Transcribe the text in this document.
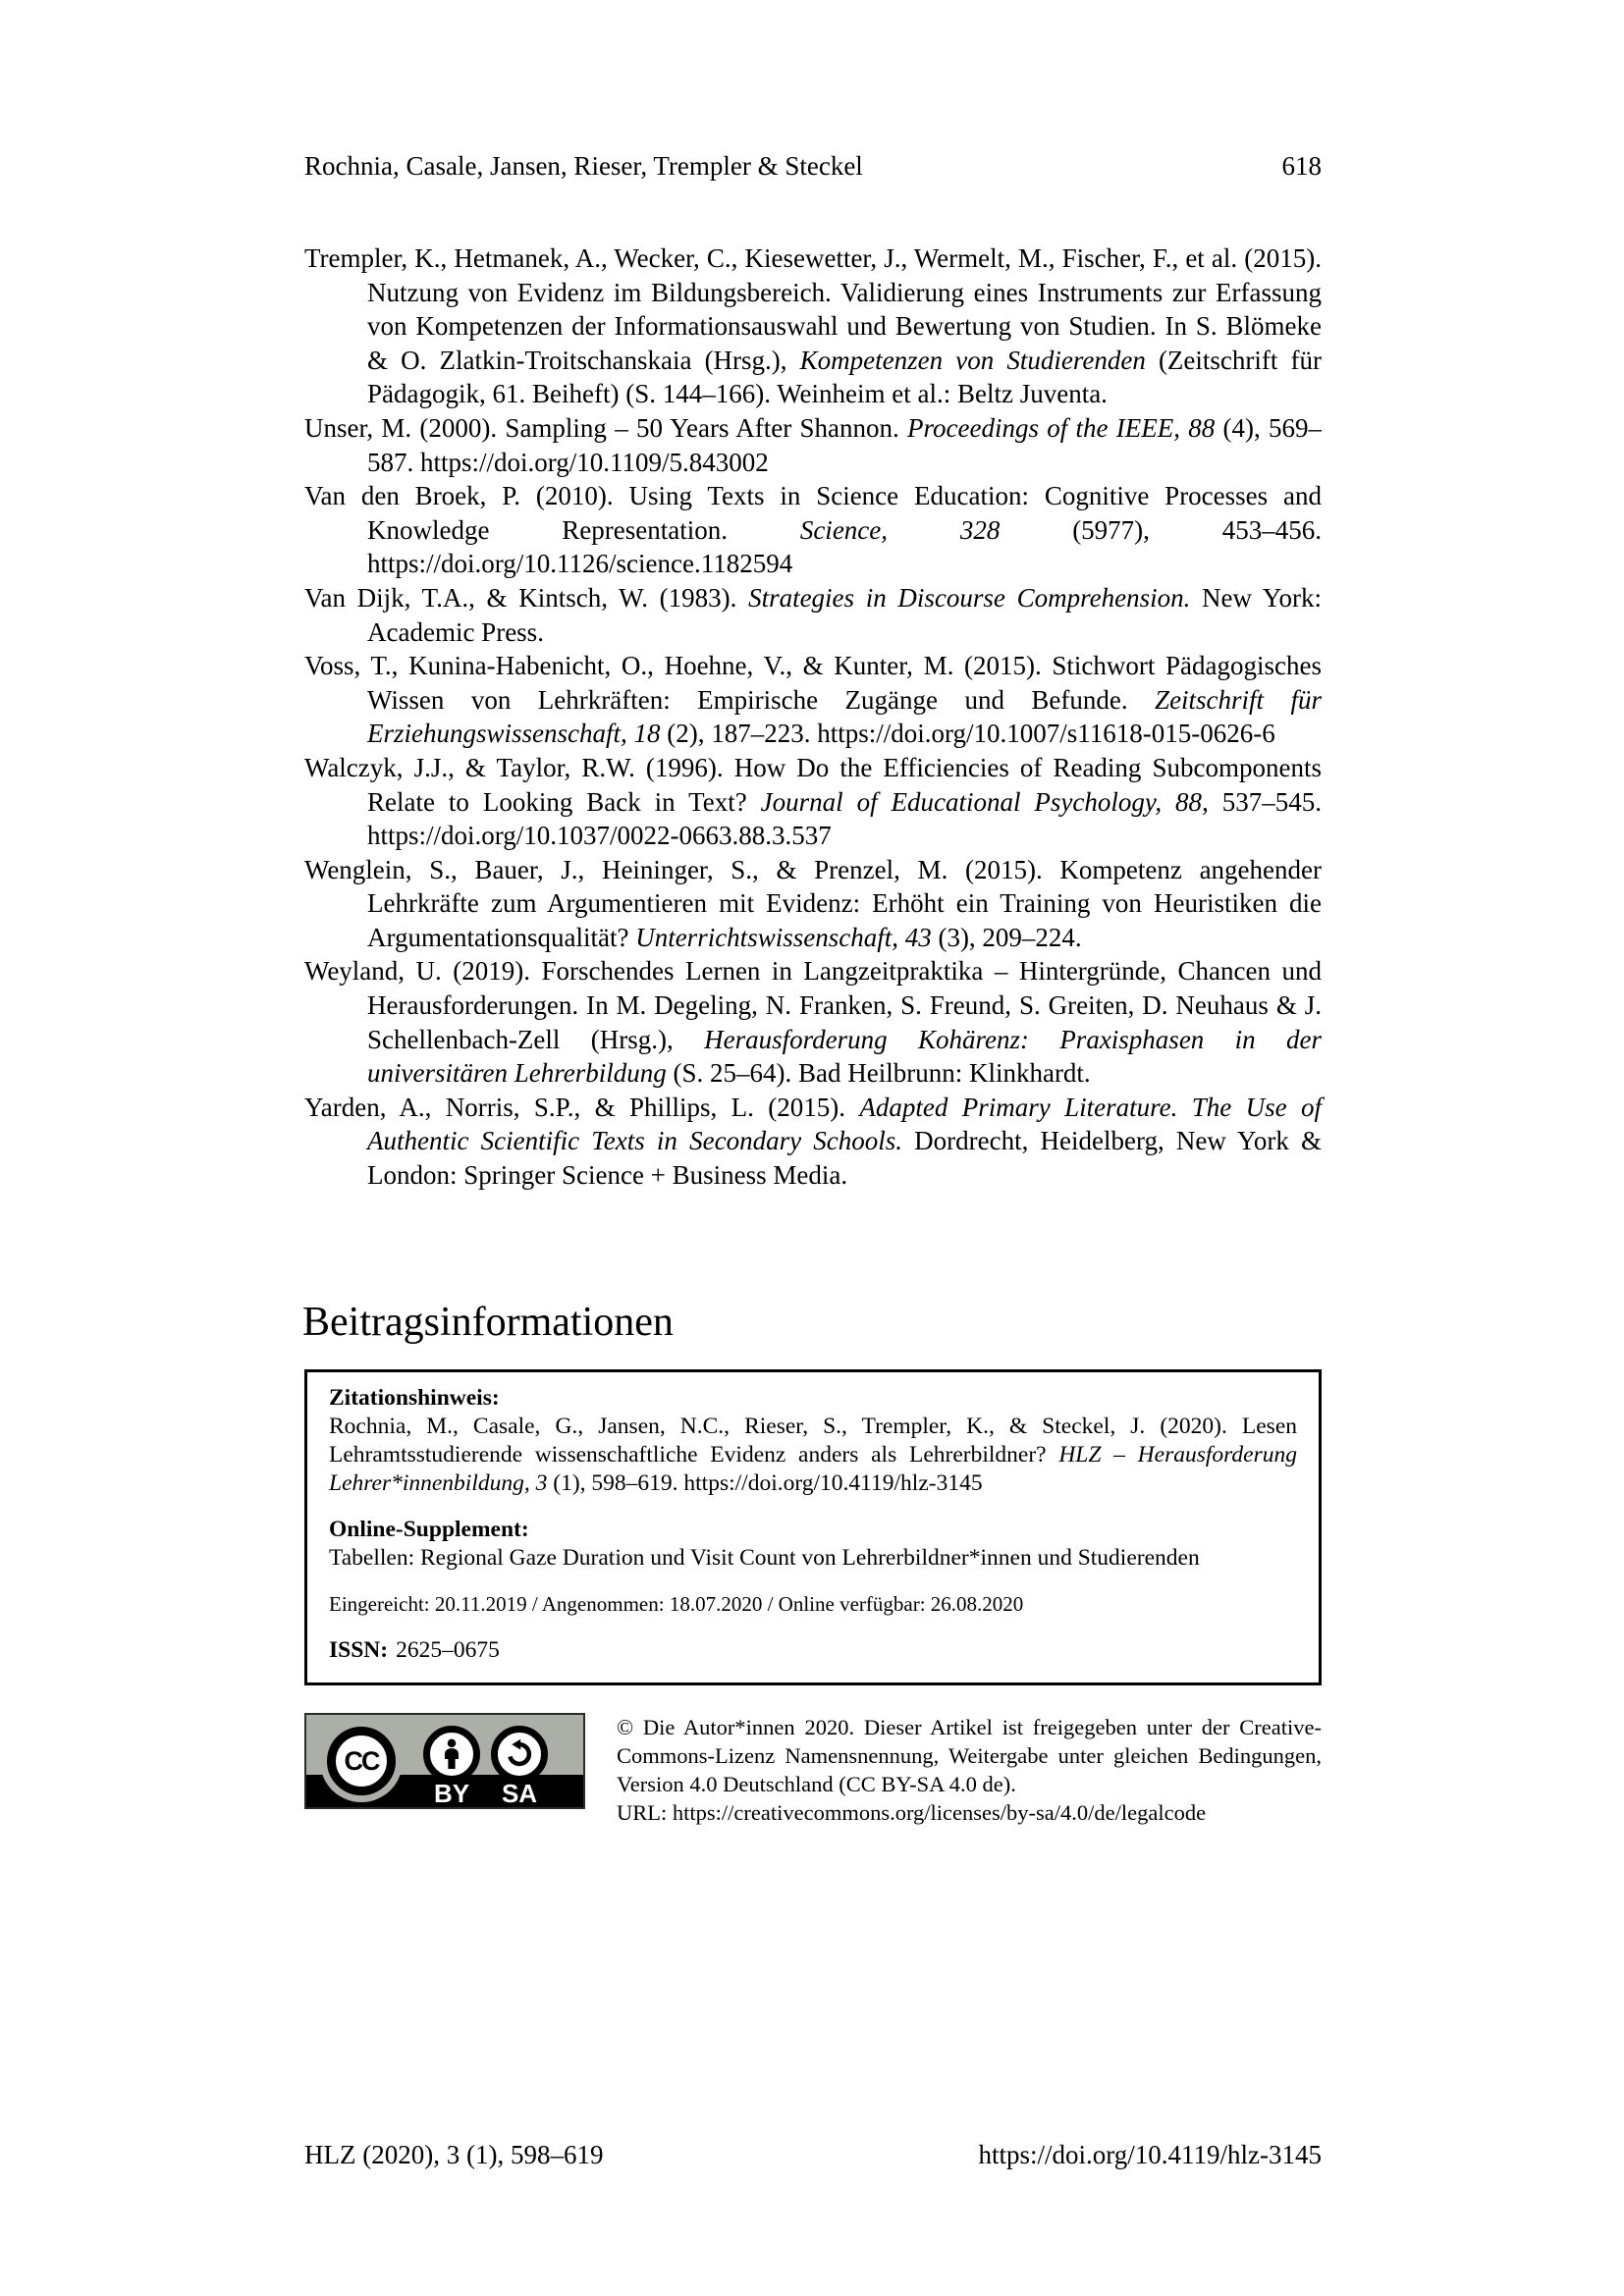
Rochnia, Casale, Jansen, Rieser, Trempler & Steckel	618

Trempler, K., Hetmanek, A., Wecker, C., Kiesewetter, J., Wermelt, M., Fischer, F., et al. (2015). Nutzung von Evidenz im Bildungsbereich. Validierung eines Instruments zur Erfassung von Kompetenzen der Informationsauswahl und Bewertung von Studien. In S. Blömeke & O. Zlatkin-Troitschanskaia (Hrsg.), Kompetenzen von Studierenden (Zeitschrift für Pädagogik, 61. Beiheft) (S. 144–166). Weinheim et al.: Beltz Juventa.

Unser, M. (2000). Sampling – 50 Years After Shannon. Proceedings of the IEEE, 88 (4), 569–587. https://doi.org/10.1109/5.843002

Van den Broek, P. (2010). Using Texts in Science Education: Cognitive Processes and Knowledge Representation. Science, 328 (5977), 453–456. https://doi.org/10.1126/science.1182594

Van Dijk, T.A., & Kintsch, W. (1983). Strategies in Discourse Comprehension. New York: Academic Press.

Voss, T., Kunina-Habenicht, O., Hoehne, V., & Kunter, M. (2015). Stichwort Pädagogisches Wissen von Lehrkräften: Empirische Zugänge und Befunde. Zeitschrift für Erziehungswissenschaft, 18 (2), 187–223. https://doi.org/10.1007/s11618-015-0626-6

Walczyk, J.J., & Taylor, R.W. (1996). How Do the Efficiencies of Reading Subcomponents Relate to Looking Back in Text? Journal of Educational Psychology, 88, 537–545. https://doi.org/10.1037/0022-0663.88.3.537

Wenglein, S., Bauer, J., Heininger, S., & Prenzel, M. (2015). Kompetenz angehender Lehrkräfte zum Argumentieren mit Evidenz: Erhöht ein Training von Heuristiken die Argumentationsqualität? Unterrichtswissenschaft, 43 (3), 209–224.

Weyland, U. (2019). Forschendes Lernen in Langzeitpraktika – Hintergründe, Chancen und Herausforderungen. In M. Degeling, N. Franken, S. Freund, S. Greiten, D. Neuhaus & J. Schellenbach-Zell (Hrsg.), Herausforderung Kohärenz: Praxisphasen in der universitären Lehrerbildung (S. 25–64). Bad Heilbrunn: Klinkhardt.

Yarden, A., Norris, S.P., & Phillips, L. (2015). Adapted Primary Literature. The Use of Authentic Scientific Texts in Secondary Schools. Dordrecht, Heidelberg, New York & London: Springer Science + Business Media.

Beitragsinformationen

Zitationshinweis:

Rochnia, M., Casale, G., Jansen, N.C., Rieser, S., Trempler, K., & Steckel, J. (2020). Lesen Lehramtsstudierende wissenschaftliche Evidenz anders als Lehrerbildner? HLZ – Herausforderung Lehrer*innenbildung, 3 (1), 598–619. https://doi.org/10.4119/hlz-3145

Online-Supplement:

Tabellen: Regional Gaze Duration und Visit Count von Lehrerbildner*innen und Studierenden

Eingereicht: 20.11.2019 / Angenommen: 18.07.2020 / Online verfügbar: 26.08.2020

ISSN: 2625–0675

CC
BY	SA

© Die Autor*innen 2020. Dieser Artikel ist freigegeben unter der Creative-Commons-Lizenz Namensnennung, Weitergabe unter gleichen Bedingungen, Version 4.0 Deutschland (CC BY-SA 4.0 de).

URL: https://creativecommons.org/licenses/by-sa/4.0/de/legalcode

HLZ (2020), 3 (1), 598–619	https://doi.org/10.4119/hlz-3145
